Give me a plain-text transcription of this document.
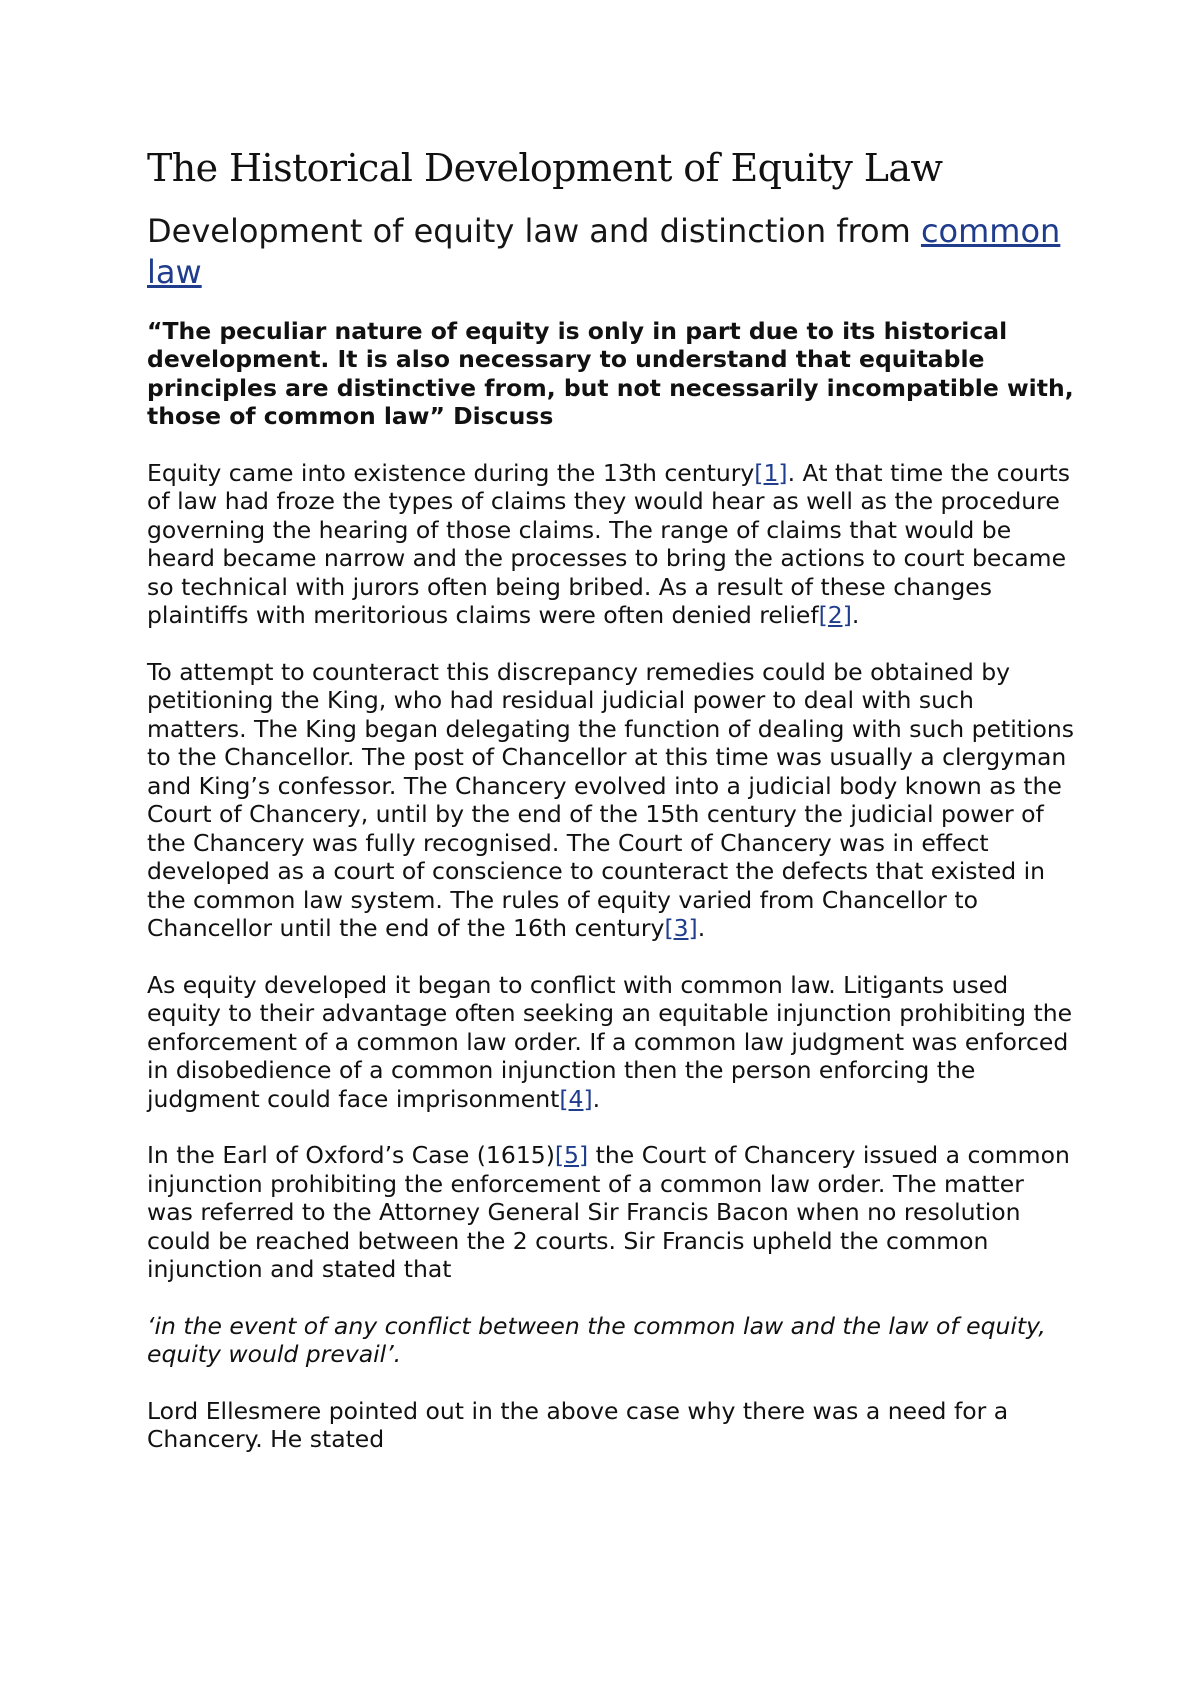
The Historical Development of Equity Law
Development of equity law and distinction from common law

“The peculiar nature of equity is only in part due to its historical development. It is also necessary to understand that equitable principles are distinctive from, but not necessarily incompatible with, those of common law” Discuss

Equity came into existence during the 13th century[1]. At that time the courts of law had froze the types of claims they would hear as well as the procedure governing the hearing of those claims. The range of claims that would be heard became narrow and the processes to bring the actions to court became so technical with jurors often being bribed. As a result of these changes plaintiffs with meritorious claims were often denied relief[2].

To attempt to counteract this discrepancy remedies could be obtained by petitioning the King, who had residual judicial power to deal with such matters. The King began delegating the function of dealing with such petitions to the Chancellor. The post of Chancellor at this time was usually a clergyman and King’s confessor. The Chancery evolved into a judicial body known as the Court of Chancery, until by the end of the 15th century the judicial power of the Chancery was fully recognised. The Court of Chancery was in effect developed as a court of conscience to counteract the defects that existed in the common law system. The rules of equity varied from Chancellor to Chancellor until the end of the 16th century[3].

As equity developed it began to conflict with common law. Litigants used equity to their advantage often seeking an equitable injunction prohibiting the enforcement of a common law order. If a common law judgment was enforced in disobedience of a common injunction then the person enforcing the judgment could face imprisonment[4].

In the Earl of Oxford’s Case (1615)[5] the Court of Chancery issued a common injunction prohibiting the enforcement of a common law order. The matter was referred to the Attorney General Sir Francis Bacon when no resolution could be reached between the 2 courts. Sir Francis upheld the common injunction and stated that

‘in the event of any conflict between the common law and the law of equity, equity would prevail’.

Lord Ellesmere pointed out in the above case why there was a need for a Chancery. He stated
